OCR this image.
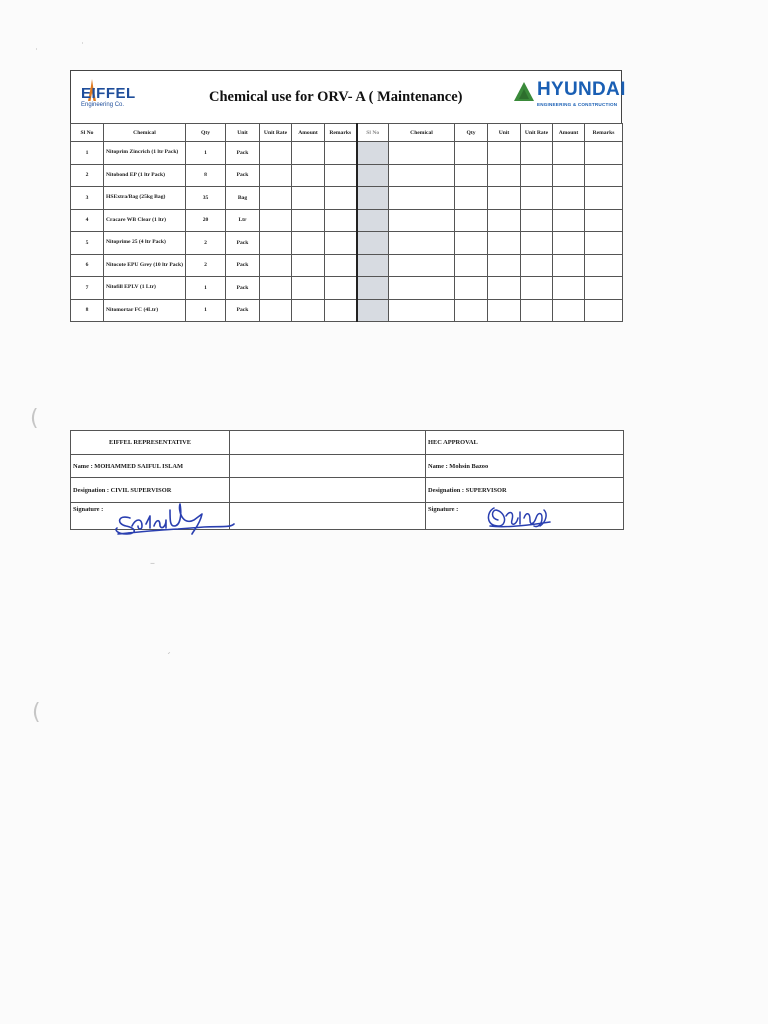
˙
˙
(
(
–
´
EIFFEL
Engineering Co.	Chemical use for ORV- A ( Maintenance)	HYUNDAI
ENGINEERING & CONSTRUCTION
Sl No	Chemical	Qty	Unit	Unit Rate	Amount	Remarks	Sl No	Chemical	Qty	Unit	Unit Rate	Amount	Remarks
1	Nitoprim Zincrich (1 ltr Pack)	1	Pack										
2	Nitobond EP (1 ltr Pack)	8	Pack										
3	HSExtra/Bag (25kg Bag)	35	Bag										
4	Cracare WB Clear (1 ltr)	20	Ltr										
5	Nitoprime 25 (4 ltr Pack)	2	Pack										
6	Nitocote EPU Grey (10 ltr Pack)	2	Pack										
7	Nitofill EPLV (1 Ltr)	1	Pack										
8	Nitomortar FC (4Ltr)	1	Pack										
EIFFEL REPRESENTATIVE		HEC APPROVAL
Name : MOHAMMED SAIFUL ISLAM		Name : Mohsin Bazoo
Designation : CIVIL SUPERVISOR		Designation : SUPERVISOR
Signature :		Signature :
